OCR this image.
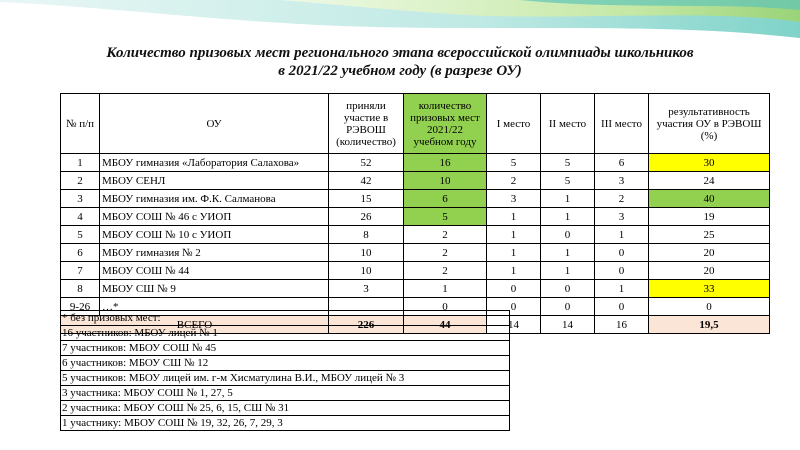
Количество призовых мест регионального этапа всероссийской олимпиады школьников
в 2021/22 учебном году (в разрезе ОУ)
№ п/п	ОУ	приняли участие в РЭВОШ (количество)	количество призовых мест 2021/22 учебном году	I место	II место	III место	результативность участия ОУ в РЭВОШ (%)
1	МБОУ гимназия «Лаборатория Салахова»	52	16	5	5	6	30
2	МБОУ СЕНЛ	42	10	2	5	3	24
3	МБОУ гимназия им. Ф.К. Салманова	15	6	3	1	2	40
4	МБОУ СОШ № 46 с УИОП	26	5	1	1	3	19
5	МБОУ СОШ № 10 с УИОП	8	2	1	0	1	25
6	МБОУ гимназия № 2	10	2	1	1	0	20
7	МБОУ СОШ № 44	10	2	1	1	0	20
8	МБОУ СШ № 9	3	1	0	0	1	33
9-26	…*		0	0	0	0	0
ВСЕГО		226	44	14	14	16	19,5
* без призовых мест:
16 участников: МБОУ лицей № 1
7 участников: МБОУ СОШ № 45
6 участников: МБОУ СШ № 12
5 участников: МБОУ лицей им. г-м Хисматулина В.И., МБОУ лицей № 3
3 участника: МБОУ СОШ № 1, 27, 5
2 участника: МБОУ СОШ № 25, 6, 15, СШ № 31
1 участнику: МБОУ СОШ № 19, 32, 26, 7, 29, 3
